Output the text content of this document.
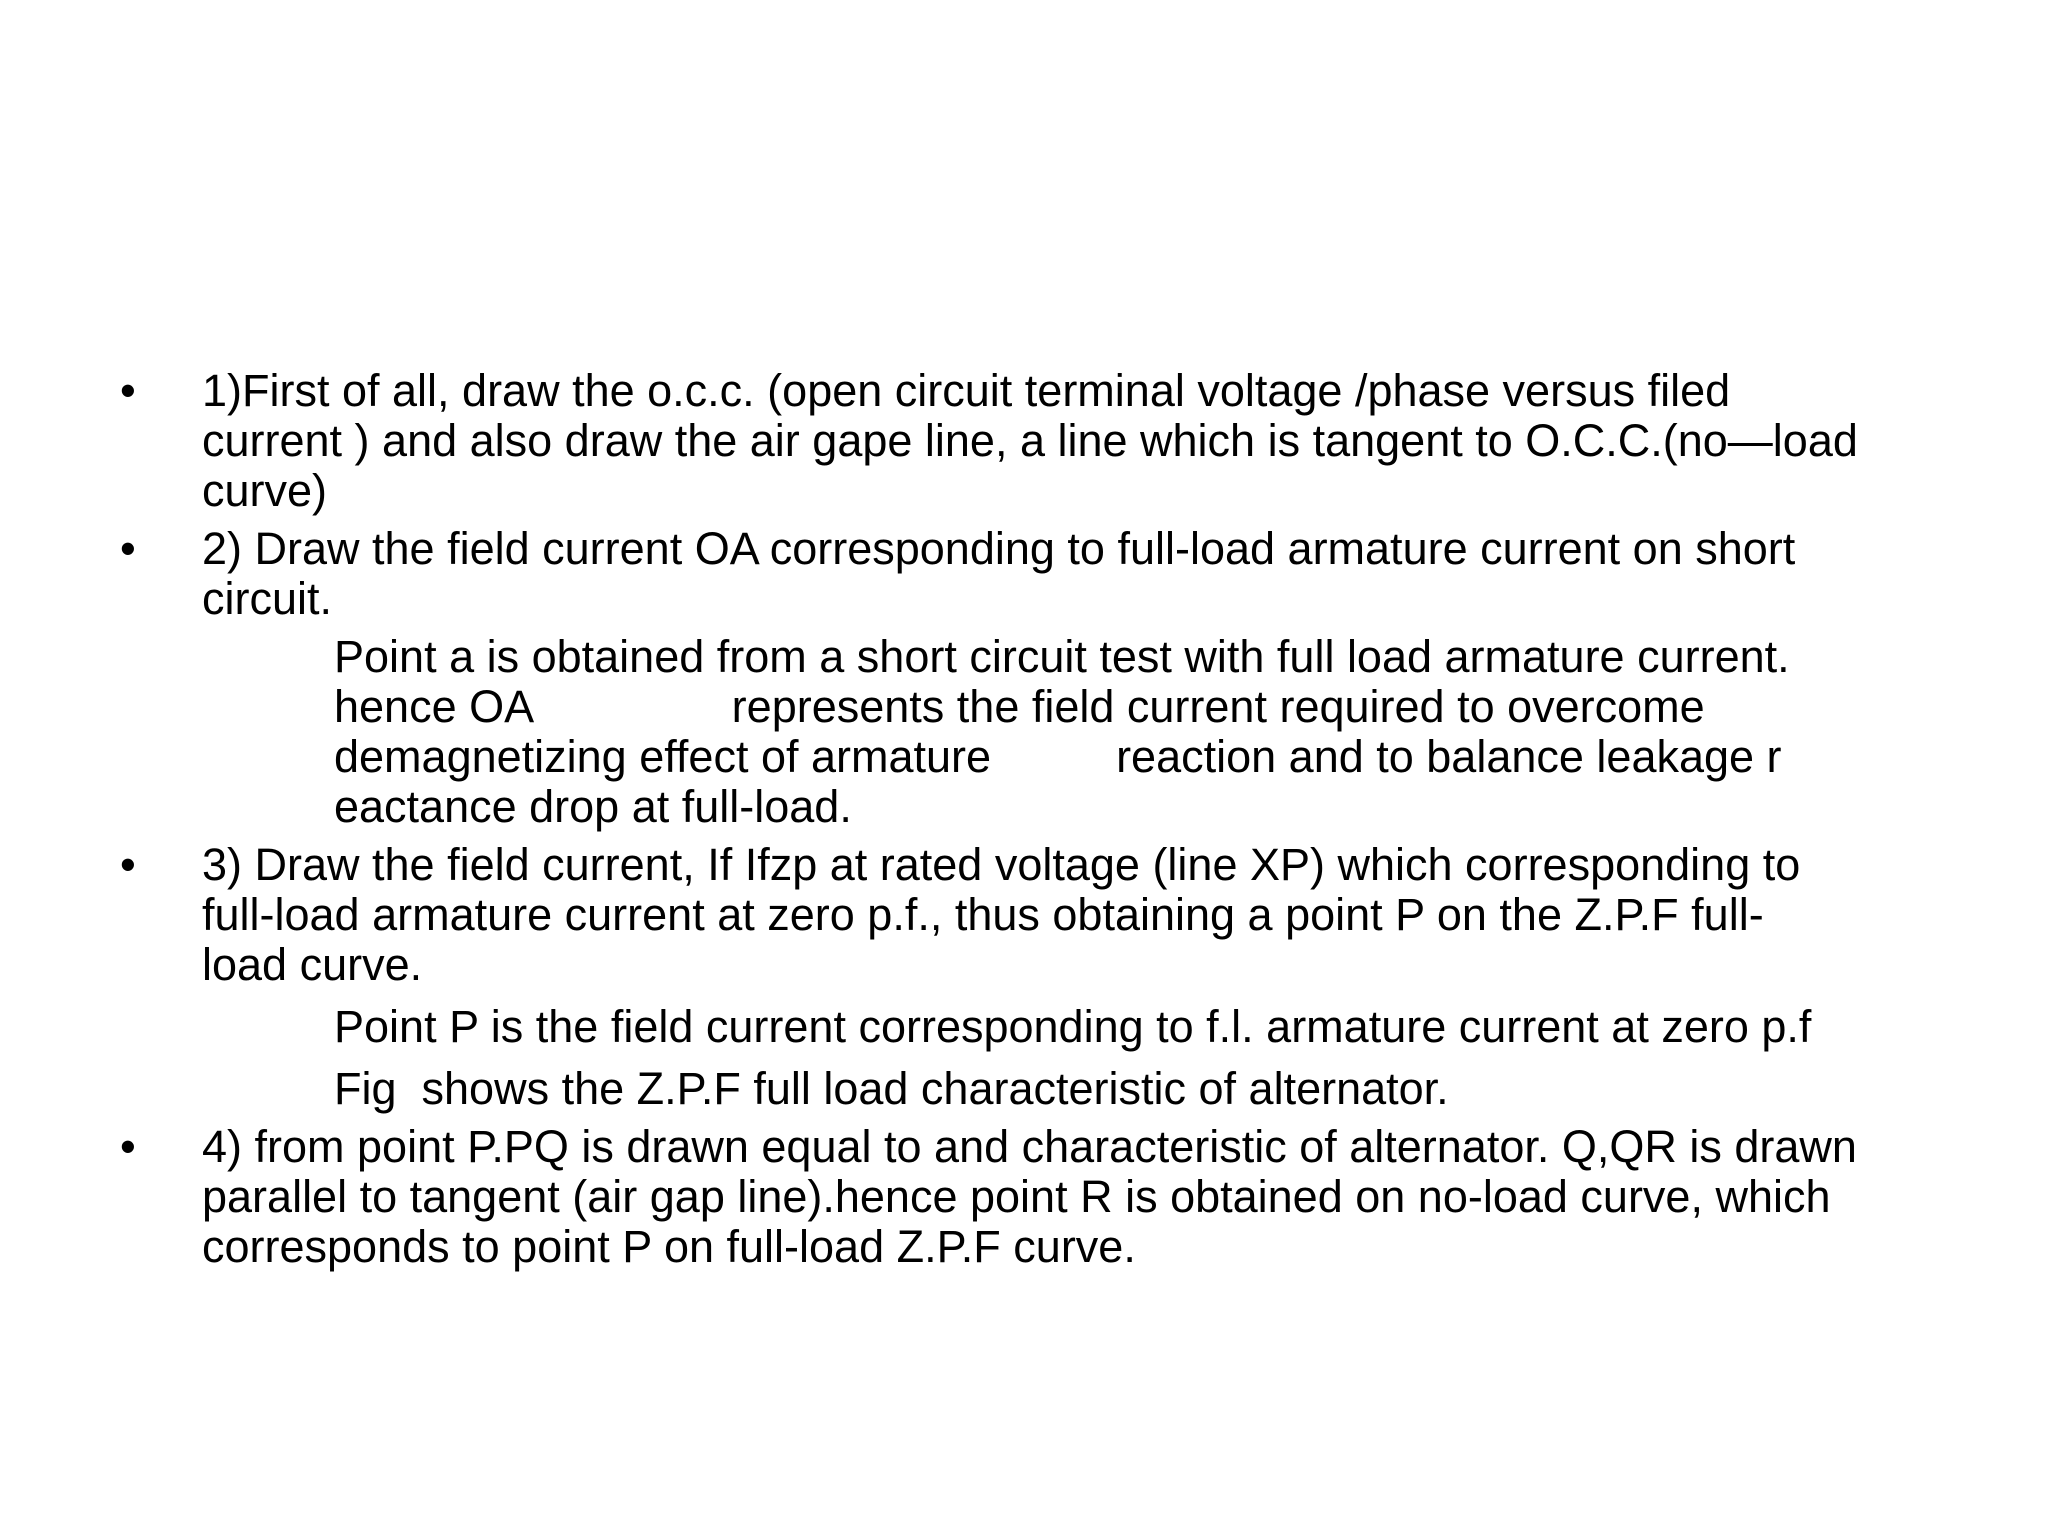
•	1)First of all, draw the o.c.c. (open circuit terminal voltage /phase versus filed
current ) and also draw the air gape line, a line which is tangent to O.C.C.(no—load
curve)
•	2) Draw the field current OA corresponding to full-load armature current on short
circuit.
Point a is obtained from a short circuit test with full load armature current.
hence OA                represents the field current required to overcome
demagnetizing effect of armature          reaction and to balance leakage r
eactance drop at full-load.
•	3) Draw the field current, If Ifzp at rated voltage (line XP) which corresponding to
full-load armature current at zero p.f., thus obtaining a point P on the Z.P.F full-
load curve.
Point P is the field current corresponding to f.l. armature current at zero p.f
Fig  shows the Z.P.F full load characteristic of alternator.
•	4) from point P.PQ is drawn equal to and characteristic of alternator. Q,QR is drawn
parallel to tangent (air gap line).hence point R is obtained on no-load curve, which
corresponds to point P on full-load Z.P.F curve.
